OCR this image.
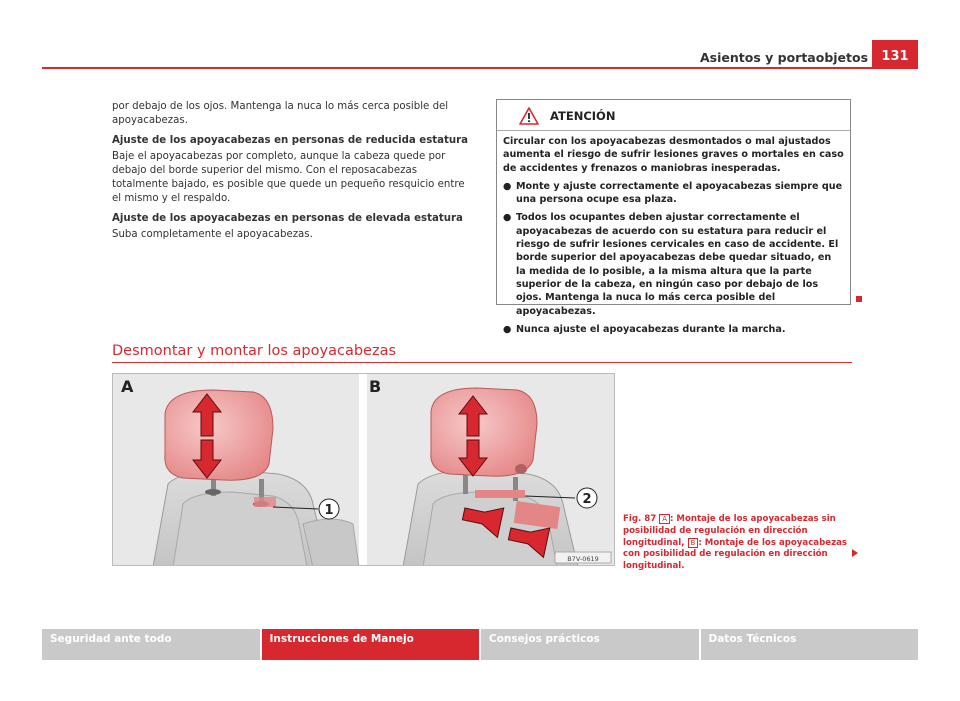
Asientos y portaobjetos	131

por debajo de los ojos. Mantenga la nuca lo más cerca posible del apoyacabezas.

Ajuste de los apoyacabezas en personas de reducida estatura

Baje el apoyacabezas por completo, aunque la cabeza quede por debajo del borde superior del mismo. Con el reposacabezas totalmente bajado, es posible que quede un pequeño resquicio entre el mismo y el respaldo.

Ajuste de los apoyacabezas en personas de elevada estatura

Suba completamente el apoyacabezas.

ATENCIÓN

Circular con los apoyacabezas desmontados o mal ajustados aumenta el riesgo de sufrir lesiones graves o mortales en caso de accidentes y frenazos o maniobras inesperadas.

● Monte y ajuste correctamente el apoyacabezas siempre que una persona ocupe esa plaza.

● Todos los ocupantes deben ajustar correctamente el apoyacabezas de acuerdo con su estatura para reducir el riesgo de sufrir lesiones cervicales en caso de accidente. El borde superior del apoyacabezas debe quedar situado, en la medida de lo posible, a la misma altura que la parte superior de la cabeza, en ningún caso por debajo de los ojos. Mantenga la nuca lo más cerca posible del apoyacabezas.

● Nunca ajuste el apoyacabezas durante la marcha.

Desmontar y montar los apoyacabezas
A
1
B
2
B7V-0619
Fig. 87 A : Montaje de los apoyacabezas sin posibilidad de regulación en dirección longitudinal, B : Montaje de los apoyacabezas con posibilidad de regulación en dirección longitudinal.
Seguridad ante todo	Instrucciones de Manejo	Consejos prácticos	Datos Técnicos
